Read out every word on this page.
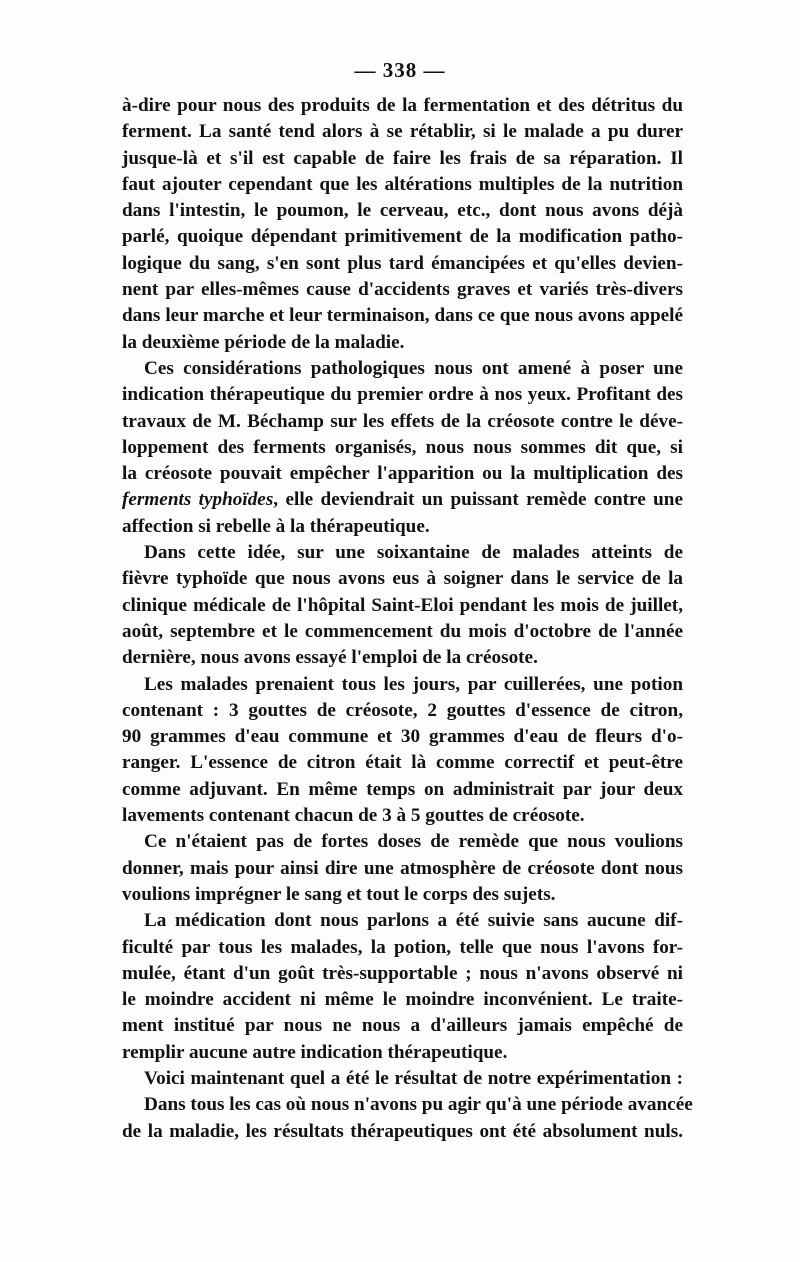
— 338 —
à-dire pour nous des produits de la fermentation et des détritus du
ferment. La santé tend alors à se rétablir, si le malade a pu durer
jusque-là et s'il est capable de faire les frais de sa réparation. Il
faut ajouter cependant que les altérations multiples de la nutrition
dans l'intestin, le poumon, le cerveau, etc., dont nous avons déjà
parlé, quoique dépendant primitivement de la modification patho-
logique du sang, s'en sont plus tard émancipées et qu'elles devien-
nent par elles-mêmes cause d'accidents graves et variés très-divers
dans leur marche et leur terminaison, dans ce que nous avons appelé
la deuxième période de la maladie.
Ces considérations pathologiques nous ont amené à poser une
indication thérapeutique du premier ordre à nos yeux. Profitant des
travaux de M. Béchamp sur les effets de la créosote contre le déve-
loppement des ferments organisés, nous nous sommes dit que, si
la créosote pouvait empêcher l'apparition ou la multiplication des
ferments typhoïdes, elle deviendrait un puissant remède contre une
affection si rebelle à la thérapeutique.
Dans cette idée, sur une soixantaine de malades atteints de
fièvre typhoïde que nous avons eus à soigner dans le service de la
clinique médicale de l'hôpital Saint-Eloi pendant les mois de juillet,
août, septembre et le commencement du mois d'octobre de l'année
dernière, nous avons essayé l'emploi de la créosote.
Les malades prenaient tous les jours, par cuillerées, une potion
contenant : 3 gouttes de créosote, 2 gouttes d'essence de citron,
90 grammes d'eau commune et 30 grammes d'eau de fleurs d'o-
ranger. L'essence de citron était là comme correctif et peut-être
comme adjuvant. En même temps on administrait par jour deux
lavements contenant chacun de 3 à 5 gouttes de créosote.
Ce n'étaient pas de fortes doses de remède que nous voulions
donner, mais pour ainsi dire une atmosphère de créosote dont nous
voulions imprégner le sang et tout le corps des sujets.
La médication dont nous parlons a été suivie sans aucune dif-
ficulté par tous les malades, la potion, telle que nous l'avons for-
mulée, étant d'un goût très-supportable ; nous n'avons observé ni
le moindre accident ni même le moindre inconvénient. Le traite-
ment institué par nous ne nous a d'ailleurs jamais empêché de
remplir aucune autre indication thérapeutique.
Voici maintenant quel a été le résultat de notre expérimentation :
Dans tous les cas où nous n'avons pu agir qu'à une période avancée
de la maladie, les résultats thérapeutiques ont été absolument nuls.
